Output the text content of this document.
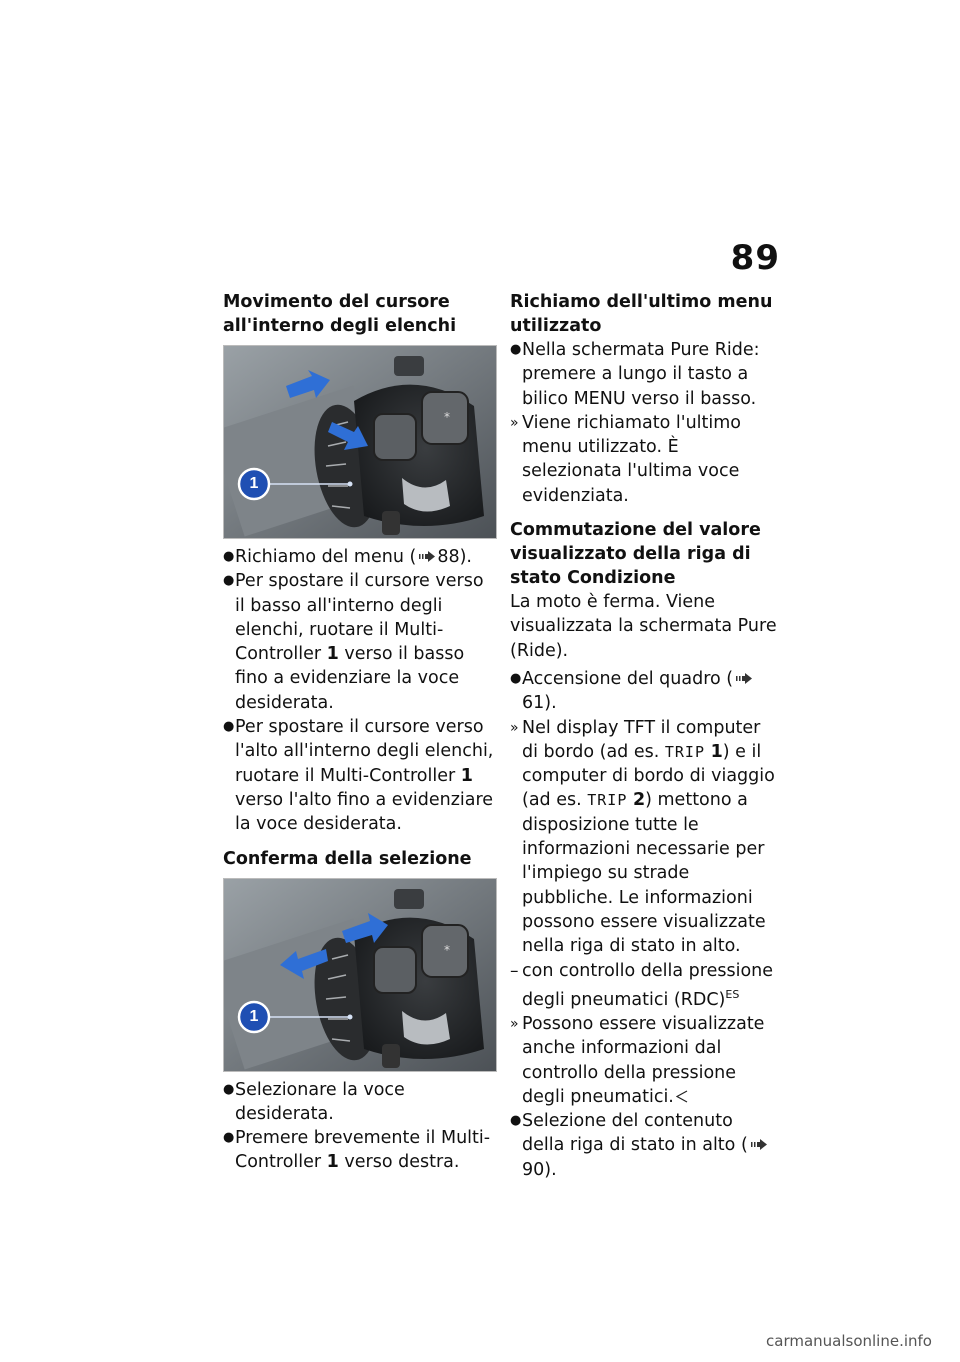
89
Movimento del cursore all'interno degli elenchi
*
1
● Richiamo del menu ( 88).
● Per spostare il cursore verso il basso all'interno degli elenchi, ruotare il Multi-Controller 1 verso il basso fino a evidenziare la voce desiderata.
● Per spostare il cursore verso l'alto all'interno degli elenchi, ruotare il Multi-Controller 1 verso l'alto fino a evidenziare la voce desiderata.
Conferma della selezione
*
1
● Selezionare la voce desiderata.
● Premere brevemente il Multi-Controller 1 verso destra.
Richiamo dell'ultimo menu utilizzato
● Nella schermata Pure Ride: premere a lungo il tasto a bilico MENU verso il basso.
» Viene richiamato l'ultimo menu utilizzato. È selezionata l'ultima voce evidenziata.
Commutazione del valore visualizzato della riga di stato Condizione

La moto è ferma. Viene visualizzata la schermata Pure (Ride).

● Accensione del quadro (61).
» Nel display TFT il computer di bordo (ad es. TRIP 1) e il computer di bordo di viaggio (ad es. TRIP 2) mettono a disposizione tutte le informazioni necessarie per l'impiego su strade pubbliche. Le informazioni possono essere visualizzate nella riga di stato in alto.
– con controllo della pressione degli pneumatici (RDC)$^{ES}$
» Possono essere visualizzate anche informazioni dal controllo della pressione degli pneumatici.
● Selezione del contenuto della riga di stato in alto (90).
carmanualsonline.info
